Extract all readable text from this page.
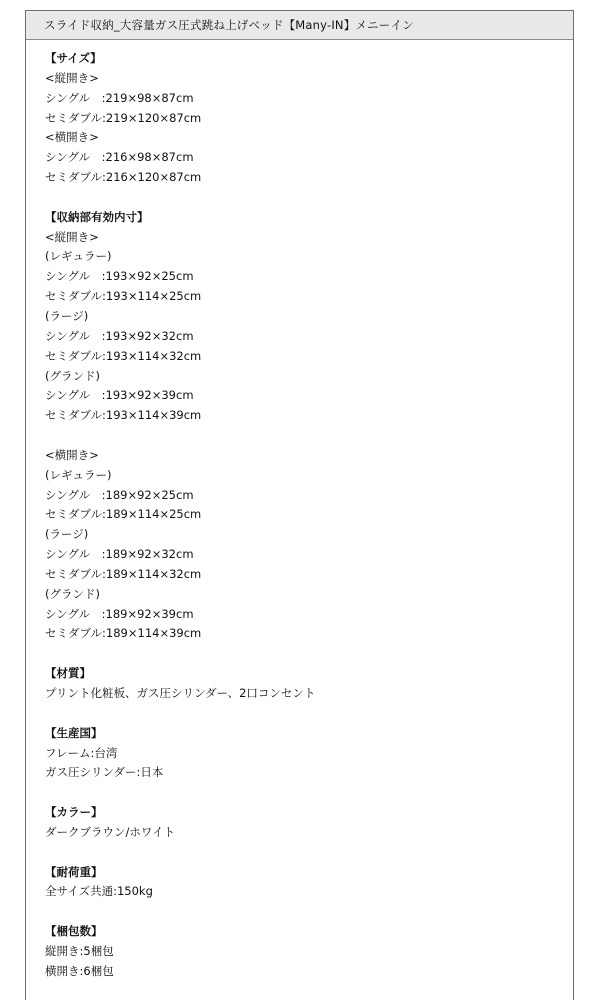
スライド収納_大容量ガス圧式跳ね上げベッド【Many-IN】メニーイン
【サイズ】
<縦開き>
シングル　:219×98×87cm
セミダブル:219×120×87cm
<横開き>
シングル　:216×98×87cm
セミダブル:216×120×87cm
【収納部有効内寸】
<縦開き>
(レギュラー)
シングル　:193×92×25cm
セミダブル:193×114×25cm
(ラージ)
シングル　:193×92×32cm
セミダブル:193×114×32cm
(グランド)
シングル　:193×92×39cm
セミダブル:193×114×39cm
<横開き>
(レギュラー)
シングル　:189×92×25cm
セミダブル:189×114×25cm
(ラージ)
シングル　:189×92×32cm
セミダブル:189×114×32cm
(グランド)
シングル　:189×92×39cm
セミダブル:189×114×39cm
【材質】
プリント化粧板、ガス圧シリンダー、2口コンセント
【生産国】
フレーム:台湾
ガス圧シリンダー:日本
【カラー】
ダークブラウン/ホワイト
【耐荷重】
全サイズ共通:150kg
【梱包数】
縦開き:5梱包
横開き:6梱包
